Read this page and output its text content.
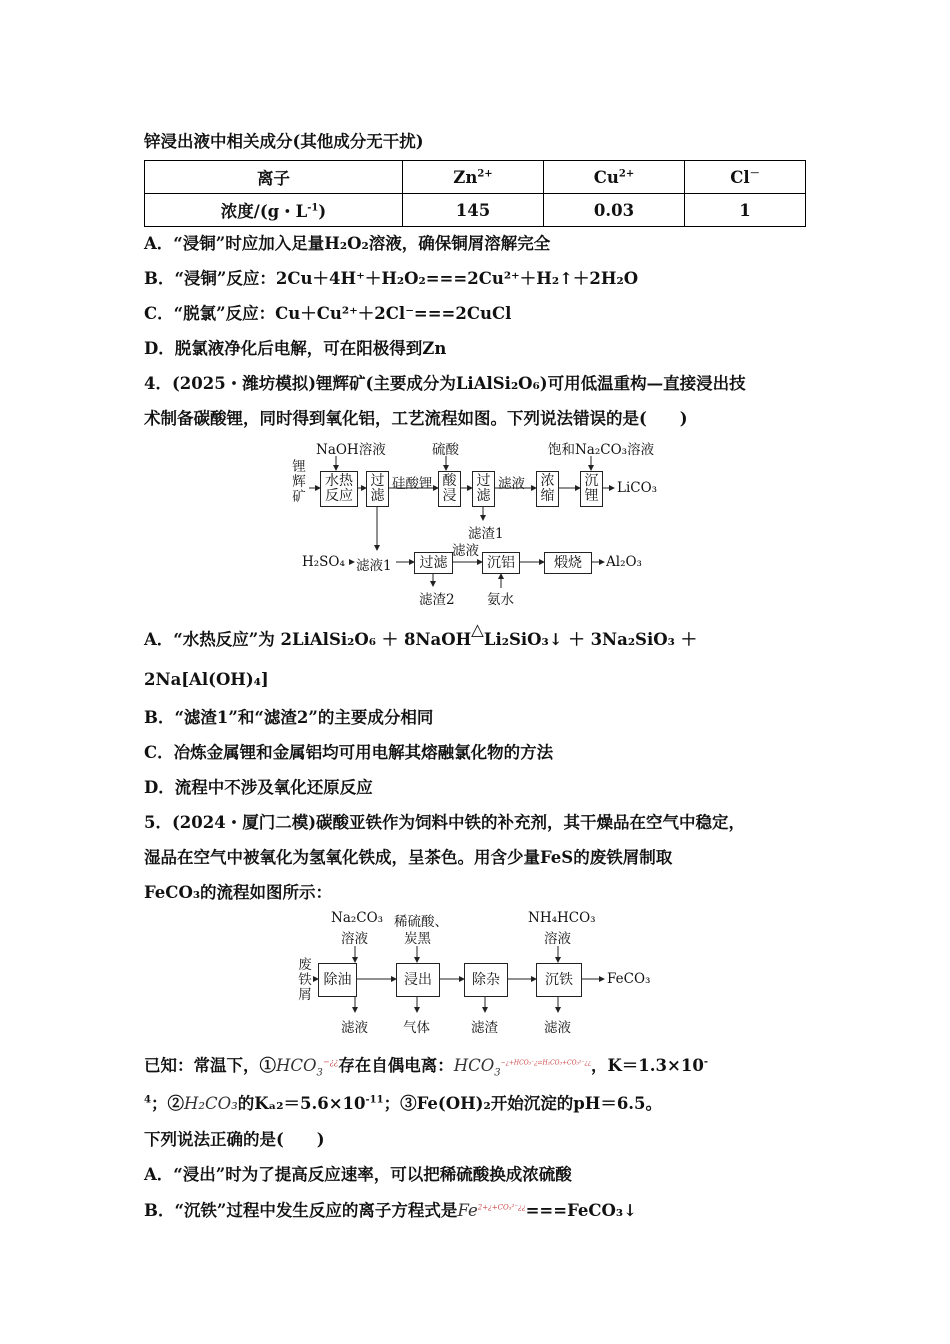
锌浸出液中相关成分(其他成分无干扰)
离子	$Zn^{2+}$	$Cu^{2+}$	Cl－
浓度/(g・$L^{-1}$)	145	0.03	1
A．“浸铜”时应加入足量H₂O₂溶液，确保铜屑溶解完全
B．“浸铜”反应：2Cu＋4H⁺＋H₂O₂===2Cu²⁺＋H₂↑＋2H₂O
C．“脱氯”反应：Cu＋Cu²⁺＋2Cl⁻===2CuCl
D．脱氯液净化后电解，可在阳极得到Zn
4．(2025・潍坊模拟)锂辉矿(主要成分为LiAlSi₂O₆)可用低温重构—直接浸出技
术制备碳酸锂，同时得到氧化铝，工艺流程如图。下列说法错误的是(　　)
锂辉矿
NaOH溶液	硫酸	饱和Na₂CO₃溶液
水热反应
过滤
硅酸锂 酸浸
过滤
滤液	浓缩
沉锂	LiCO₃
滤渣1
H₂SO₄ 滤液1	过滤
滤液
沉铝	煅烧	Al₂O₃
滤渣2 氨水
A．“水热反应”为 2LiAlSi₂O₆ ＋ 8NaOH△Li₂SiO₃↓ ＋ 3Na₂SiO₃ ＋
2Na[Al(OH)₄]
B．“滤渣1”和“滤渣2”的主要成分相同
C．冶炼金属锂和金属铝均可用电解其熔融氯化物的方法
D．流程中不涉及氧化还原反应
5．(2024・厦门二模)碳酸亚铁作为饲料中铁的补充剂，其干燥品在空气中稳定，
湿品在空气中被氧化为氢氧化铁成，呈茶色。用含少量FeS的废铁屑制取
FeCO₃的流程如图所示：
废铁屑
Na₂CO₃
溶液
稀硫酸、
炭黑
NH₄HCO₃
溶液
除油	浸出	除杂	沉铁	FeCO₃
滤液	气体	滤渣	滤液
已知：常温下，$①HCO_3^{-¿¿}$存在自偶电离：$HCO_3^{-¿+HCO_3^-¿\rightleftharpoons H_2CO_3+CO_3^{2-}¿¿}$，K＝1.3×10-
$^4$；②H₂CO₃的$K_{a2}=5.6\times 10^{-11}$；③Fe(OH)₂开始沉淀的pH＝6.5。
下列说法正确的是(　　)
A．“浸出”时为了提高反应速率，可以把稀硫酸换成浓硫酸
B．“沉铁”过程中发生反应的离子方程式是$Fe^{2+¿+CO_3^{2-}¿¿}===FeCO_3↓$
